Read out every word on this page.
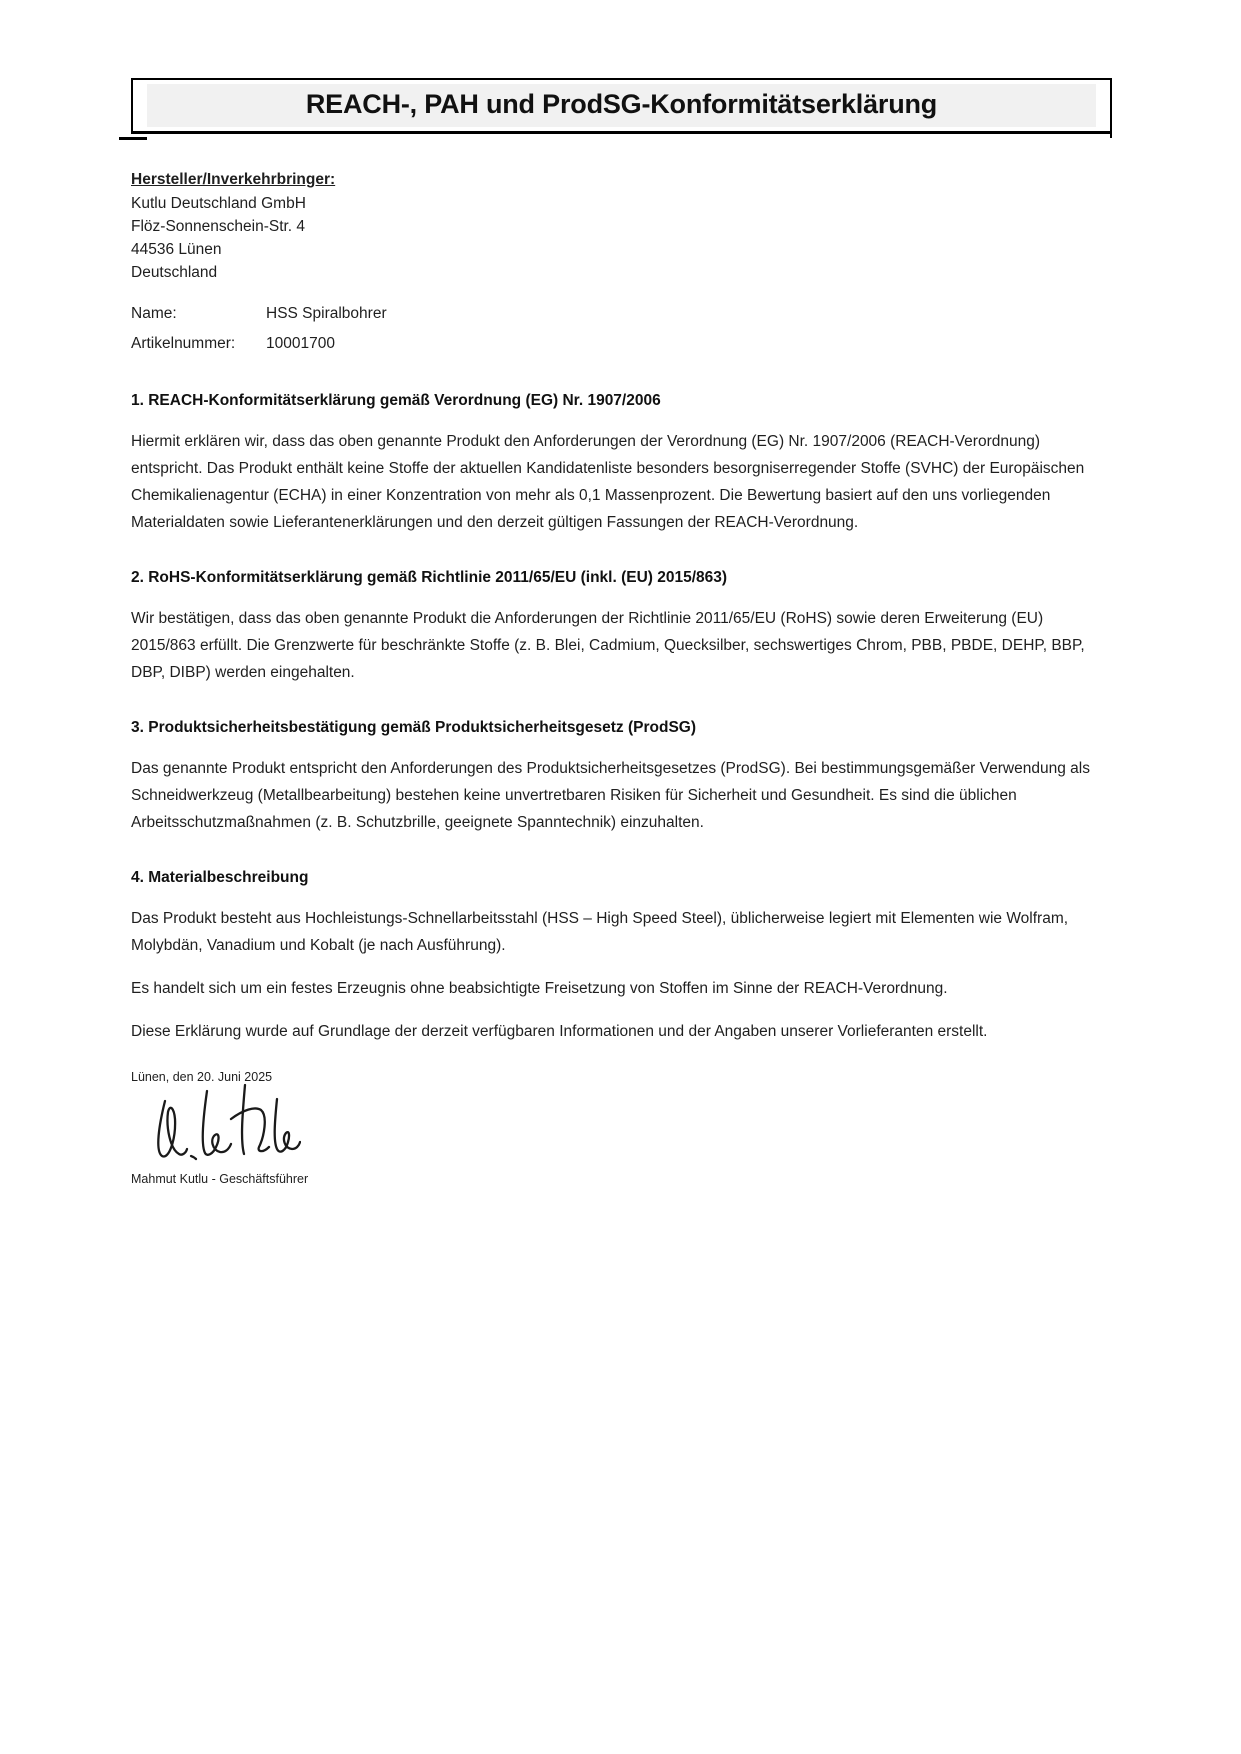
REACH-, PAH und ProdSG-Konformitätserklärung
Hersteller/Inverkehrbringer:
Kutlu Deutschland GmbH
Flöz-Sonnenschein-Str. 4
44536 Lünen
Deutschland
Name:	HSS Spiralbohrer
Artikelnummer:	10001700
1. REACH-Konformitätserklärung gemäß Verordnung (EG) Nr. 1907/2006

Hiermit erklären wir, dass das oben genannte Produkt den Anforderungen der Verordnung (EG) Nr. 1907/2006 (REACH-Verordnung) entspricht. Das Produkt enthält keine Stoffe der aktuellen Kandidatenliste besonders besorgniserregender Stoffe (SVHC) der Europäischen Chemikalienagentur (ECHA) in einer Konzentration von mehr als 0,1 Massenprozent. Die Bewertung basiert auf den uns vorliegenden Materialdaten sowie Lieferantenerklärungen und den derzeit gültigen Fassungen der REACH-Verordnung.

2. RoHS-Konformitätserklärung gemäß Richtlinie 2011/65/EU (inkl. (EU) 2015/863)

Wir bestätigen, dass das oben genannte Produkt die Anforderungen der Richtlinie 2011/65/EU (RoHS) sowie deren Erweiterung (EU) 2015/863 erfüllt. Die Grenzwerte für beschränkte Stoffe (z. B. Blei, Cadmium, Quecksilber, sechswertiges Chrom, PBB, PBDE, DEHP, BBP, DBP, DIBP) werden eingehalten.

3. Produktsicherheitsbestätigung gemäß Produktsicherheitsgesetz (ProdSG)

Das genannte Produkt entspricht den Anforderungen des Produktsicherheitsgesetzes (ProdSG). Bei bestimmungsgemäßer Verwendung als Schneidwerkzeug (Metallbearbeitung) bestehen keine unvertretbaren Risiken für Sicherheit und Gesundheit. Es sind die üblichen Arbeitsschutzmaßnahmen (z. B. Schutzbrille, geeignete Spanntechnik) einzuhalten.

4. Materialbeschreibung

Das Produkt besteht aus Hochleistungs-Schnellarbeitsstahl (HSS – High Speed Steel), üblicherweise legiert mit Elementen wie Wolfram, Molybdän, Vanadium und Kobalt (je nach Ausführung).

Es handelt sich um ein festes Erzeugnis ohne beabsichtigte Freisetzung von Stoffen im Sinne der REACH-Verordnung.

Diese Erklärung wurde auf Grundlage der derzeit verfügbaren Informationen und der Angaben unserer Vorlieferanten erstellt.

Lünen, den 20. Juni 2025
Mahmut Kutlu - Geschäftsführer
